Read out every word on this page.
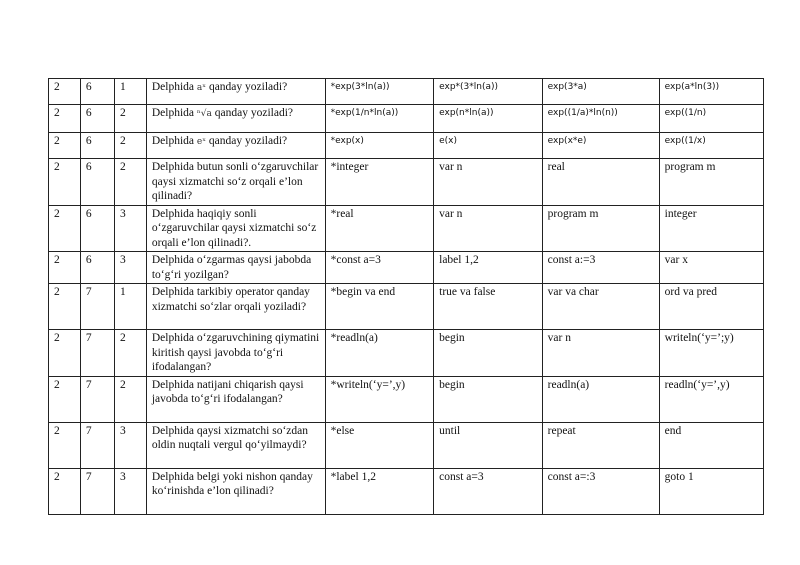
2	6	1	Delphida aˣ qanday yoziladi?	*exp(3*ln(a))	exp*(3*ln(a))	exp(3*a)	exp(a*ln(3))
2	6	2	Delphida ⁿ√a qanday yoziladi?	*exp(1/n*ln(a))	exp(n*ln(a))	exp((1/a)*ln(n))	exp((1/n)
2	6	2	Delphida eˣ qanday yoziladi?	*exp(x)	e(x)	exp(x*e)	exp((1/x)
2	6	2	Delphida butun sonli o‘zgaruvchilar qaysi xizmatchi so‘z orqali e’lon qilinadi?	*integer	var n	real	program m
2	6	3	Delphida haqiqiy sonli o‘zgaruvchilar qaysi xizmatchi so‘z orqali e’lon qilinadi?.	*real	var n	program m	integer
2	6	3	Delphida o‘zgarmas qaysi jabobda to‘g‘ri yozilgan?	*const a=3	label 1,2	const a:=3	var x
2	7	1	Delphida tarkibiy operator qanday xizmatchi so‘zlar orqali yoziladi?	*begin va end	true va false	var va char	ord va pred
2	7	2	Delphida o‘zgaruvchining qiymatini kiritish qaysi javobda to‘g‘ri ifodalangan?	*readln(a)	begin	var n	writeln(‘y=’;y)
2	7	2	Delphida natijani chiqarish qaysi javobda to‘g‘ri ifodalangan?	*writeln(‘y=’,y)	begin	readln(a)	readln(‘y=’,y)
2	7	3	Delphida qaysi xizmatchi so‘zdan oldin nuqtali vergul qo‘yilmaydi?	*else	until	repeat	end
2	7	3	Delphida belgi yoki nishon qanday ko‘rinishda e’lon qilinadi?	*label 1,2	const a=3	const a=:3	goto 1
